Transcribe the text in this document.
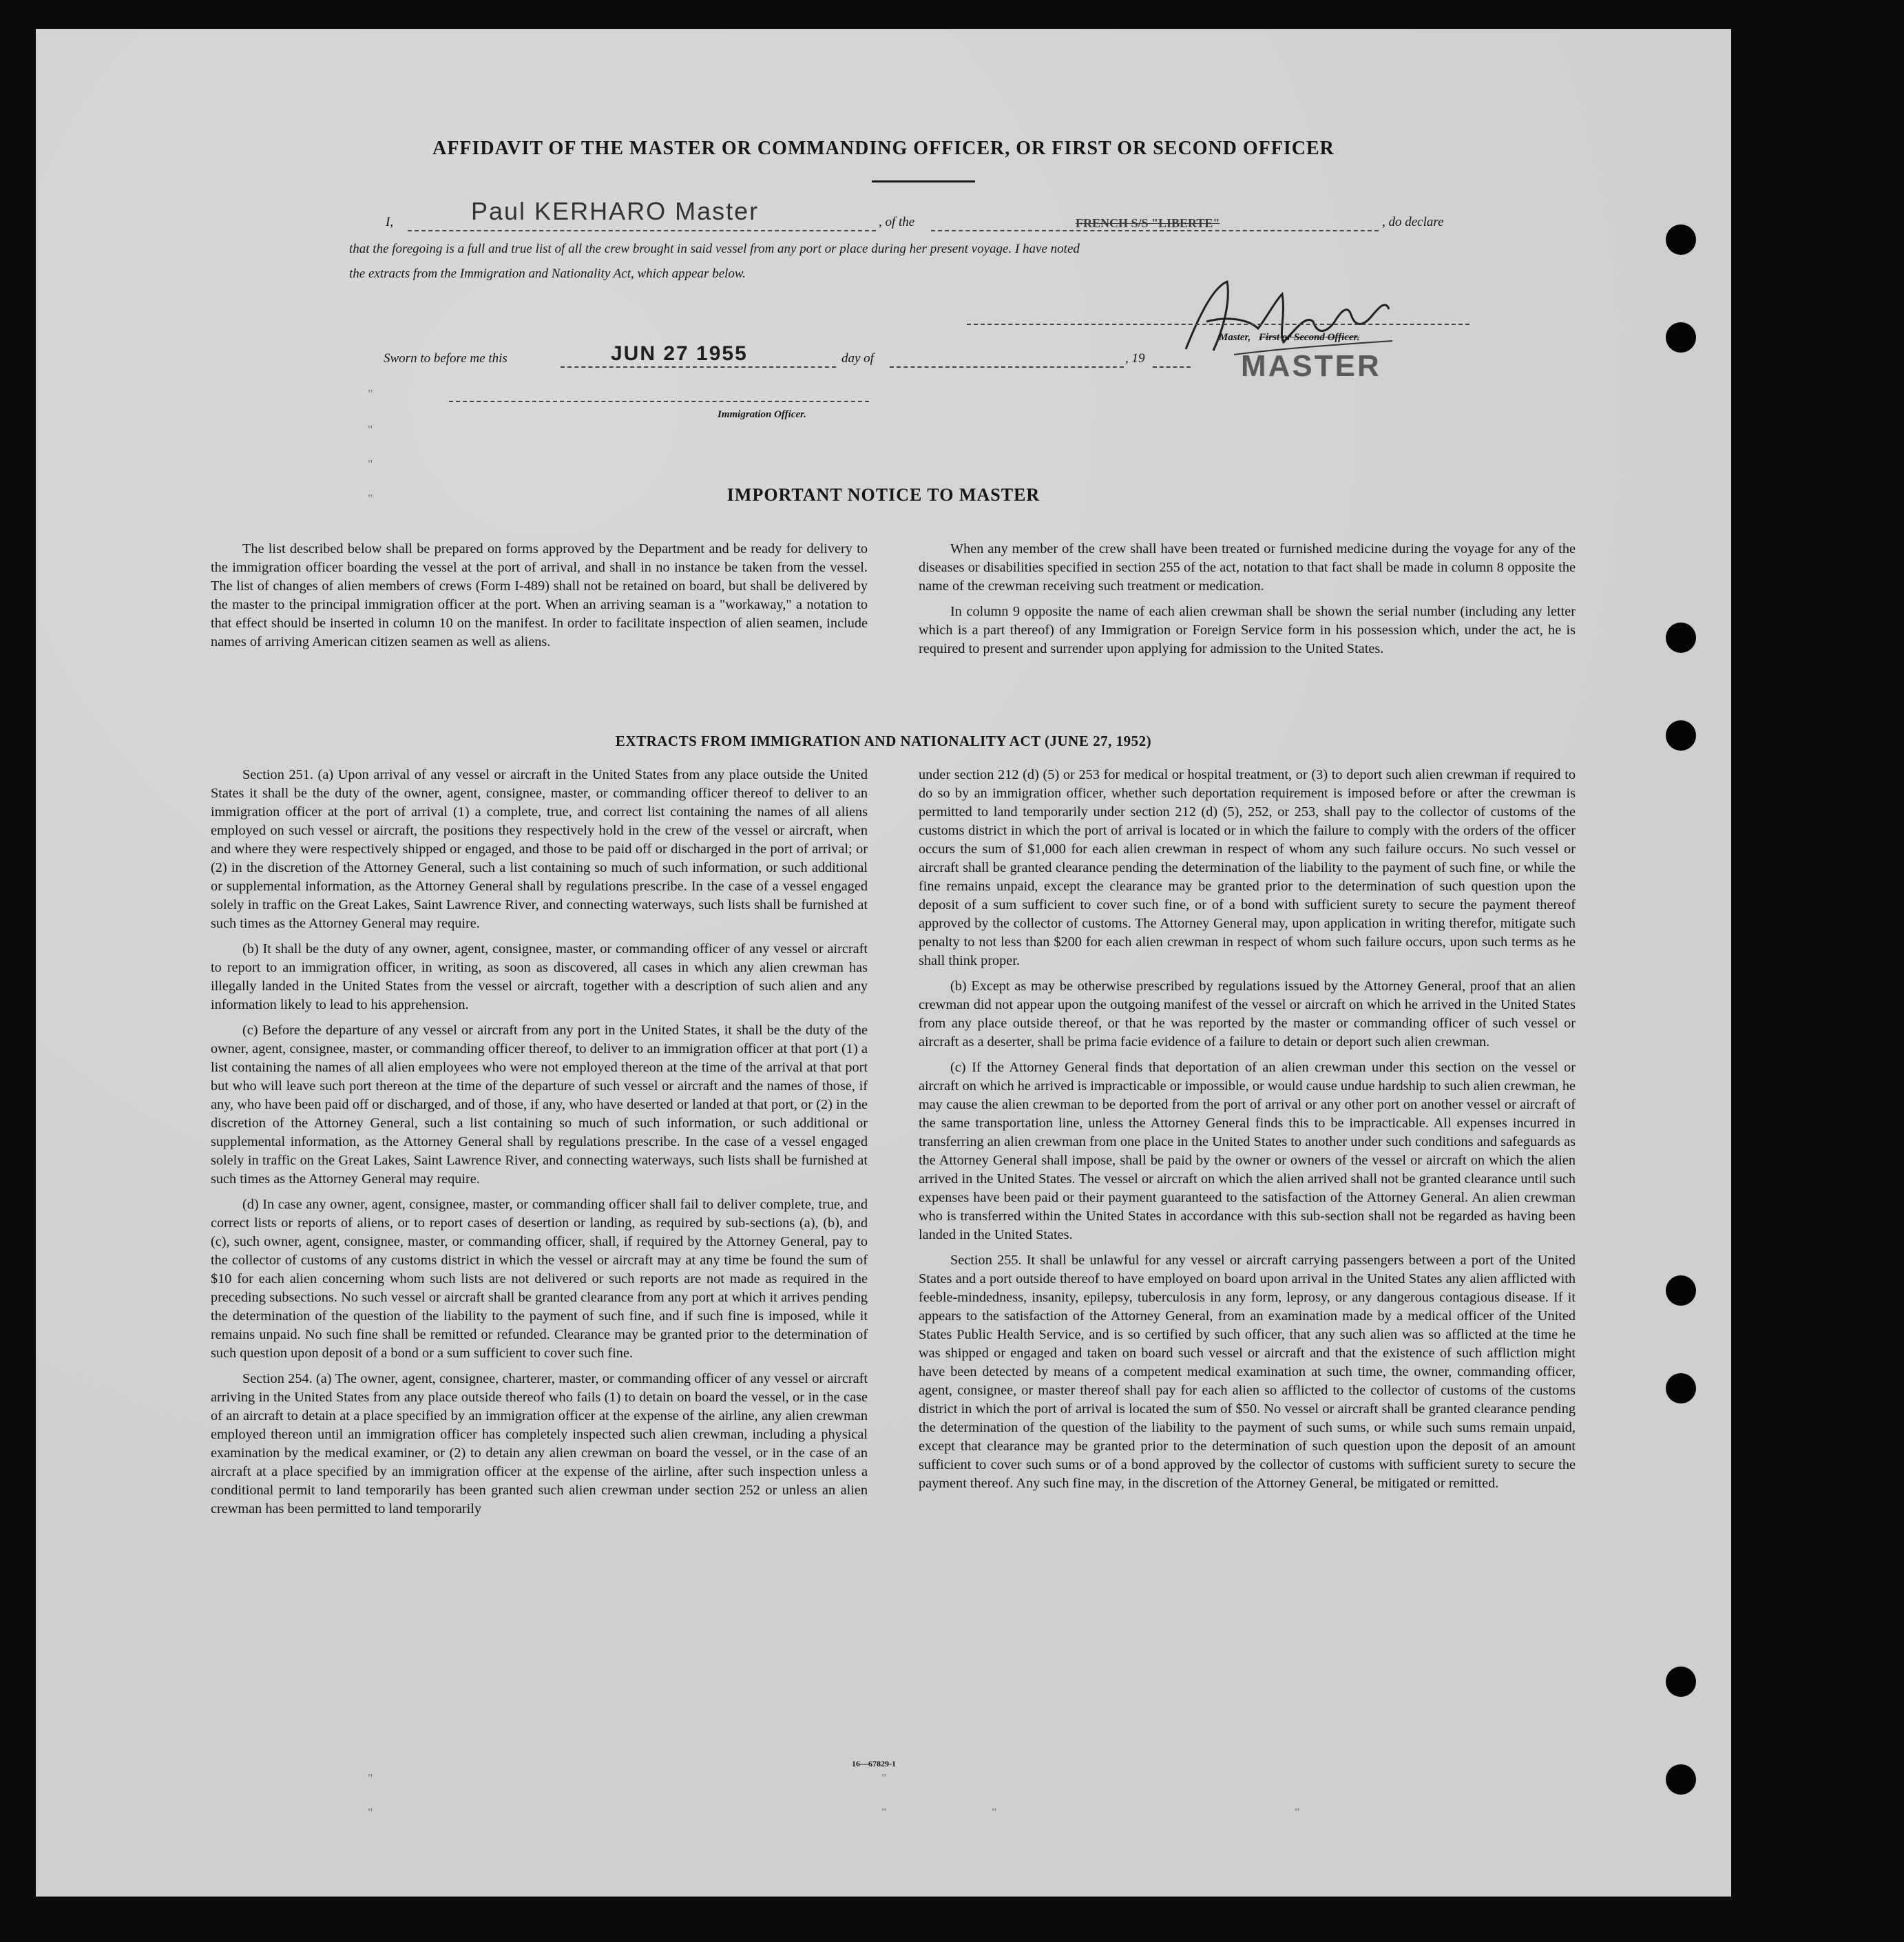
AFFIDAVIT OF THE MASTER OR COMMANDING OFFICER, OR FIRST OR SECOND OFFICER
I,	Paul KERHARO Master	, of the	FRENCH S/S "LIBERTE"	, do declare
that the foregoing is a full and true list of all the crew brought in said vessel from any port or place during her present voyage. I have noted
the extracts from the Immigration and Nationality Act, which appear below.
Master, First or Second Officer.
MASTER
Sworn to before me this	JUN 27 1955	day of	, 19
Immigration Officer.
IMPORTANT NOTICE TO MASTER

The list described below shall be prepared on forms approved by the Department and be ready for delivery to the immigration officer boarding the vessel at the port of arrival, and shall in no instance be taken from the vessel. The list of changes of alien members of crews (Form I-489) shall not be retained on board, but shall be delivered by the master to the principal immigration officer at the port. When an arriving seaman is a "workaway," a notation to that effect should be inserted in column 10 on the manifest. In order to facilitate inspection of alien seamen, include names of arriving American citizen seamen as well as aliens.

When any member of the crew shall have been treated or furnished medicine during the voyage for any of the diseases or disabilities specified in section 255 of the act, notation to that fact shall be made in column 8 opposite the name of the crewman receiving such treatment or medication.

In column 9 opposite the name of each alien crewman shall be shown the serial number (including any letter which is a part thereof) of any Immigration or Foreign Service form in his possession which, under the act, he is required to present and surrender upon applying for admission to the United States.

EXTRACTS FROM IMMIGRATION AND NATIONALITY ACT (JUNE 27, 1952)

Section 251. (a) Upon arrival of any vessel or aircraft in the United States from any place outside the United States it shall be the duty of the owner, agent, consignee, master, or commanding officer thereof to deliver to an immigration officer at the port of arrival (1) a complete, true, and correct list containing the names of all aliens employed on such vessel or aircraft, the positions they respectively hold in the crew of the vessel or aircraft, when and where they were respectively shipped or engaged, and those to be paid off or discharged in the port of arrival; or (2) in the discretion of the Attorney General, such a list containing so much of such information, or such additional or supplemental information, as the Attorney General shall by regulations prescribe. In the case of a vessel engaged solely in traffic on the Great Lakes, Saint Lawrence River, and connecting waterways, such lists shall be furnished at such times as the Attorney General may require.

(b) It shall be the duty of any owner, agent, consignee, master, or commanding officer of any vessel or aircraft to report to an immigration officer, in writing, as soon as discovered, all cases in which any alien crewman has illegally landed in the United States from the vessel or aircraft, together with a description of such alien and any information likely to lead to his apprehension.

(c) Before the departure of any vessel or aircraft from any port in the United States, it shall be the duty of the owner, agent, consignee, master, or commanding officer thereof, to deliver to an immigration officer at that port (1) a list containing the names of all alien employees who were not employed thereon at the time of the arrival at that port but who will leave such port thereon at the time of the departure of such vessel or aircraft and the names of those, if any, who have been paid off or discharged, and of those, if any, who have deserted or landed at that port, or (2) in the discretion of the Attorney General, such a list containing so much of such information, or such additional or supplemental information, as the Attorney General shall by regulations prescribe. In the case of a vessel engaged solely in traffic on the Great Lakes, Saint Lawrence River, and connecting waterways, such lists shall be furnished at such times as the Attorney General may require.

(d) In case any owner, agent, consignee, master, or commanding officer shall fail to deliver complete, true, and correct lists or reports of aliens, or to report cases of desertion or landing, as required by sub-sections (a), (b), and (c), such owner, agent, consignee, master, or commanding officer, shall, if required by the Attorney General, pay to the collector of customs of any customs district in which the vessel or aircraft may at any time be found the sum of $10 for each alien concerning whom such lists are not delivered or such reports are not made as required in the preceding subsections. No such vessel or aircraft shall be granted clearance from any port at which it arrives pending the determination of the question of the liability to the payment of such fine, and if such fine is imposed, while it remains unpaid. No such fine shall be remitted or refunded. Clearance may be granted prior to the determination of such question upon deposit of a bond or a sum sufficient to cover such fine.

Section 254. (a) The owner, agent, consignee, charterer, master, or commanding officer of any vessel or aircraft arriving in the United States from any place outside thereof who fails (1) to detain on board the vessel, or in the case of an aircraft to detain at a place specified by an immigration officer at the expense of the airline, any alien crewman employed thereon until an immigration officer has completely inspected such alien crewman, including a physical examination by the medical examiner, or (2) to detain any alien crewman on board the vessel, or in the case of an aircraft at a place specified by an immigration officer at the expense of the airline, after such inspection unless a conditional permit to land temporarily has been granted such alien crewman under section 252 or unless an alien crewman has been permitted to land temporarily

under section 212 (d) (5) or 253 for medical or hospital treatment, or (3) to deport such alien crewman if required to do so by an immigration officer, whether such deportation requirement is imposed before or after the crewman is permitted to land temporarily under section 212 (d) (5), 252, or 253, shall pay to the collector of customs of the customs district in which the port of arrival is located or in which the failure to comply with the orders of the officer occurs the sum of $1,000 for each alien crewman in respect of whom any such failure occurs. No such vessel or aircraft shall be granted clearance pending the determination of the liability to the payment of such fine, or while the fine remains unpaid, except the clearance may be granted prior to the determination of such question upon the deposit of a sum sufficient to cover such fine, or of a bond with sufficient surety to secure the payment thereof approved by the collector of customs. The Attorney General may, upon application in writing therefor, mitigate such penalty to not less than $200 for each alien crewman in respect of whom such failure occurs, upon such terms as he shall think proper.

(b) Except as may be otherwise prescribed by regulations issued by the Attorney General, proof that an alien crewman did not appear upon the outgoing manifest of the vessel or aircraft on which he arrived in the United States from any place outside thereof, or that he was reported by the master or commanding officer of such vessel or aircraft as a deserter, shall be prima facie evidence of a failure to detain or deport such alien crewman.

(c) If the Attorney General finds that deportation of an alien crewman under this section on the vessel or aircraft on which he arrived is impracticable or impossible, or would cause undue hardship to such alien crewman, he may cause the alien crewman to be deported from the port of arrival or any other port on another vessel or aircraft of the same transportation line, unless the Attorney General finds this to be impracticable. All expenses incurred in transferring an alien crewman from one place in the United States to another under such conditions and safeguards as the Attorney General shall impose, shall be paid by the owner or owners of the vessel or aircraft on which the alien arrived in the United States. The vessel or aircraft on which the alien arrived shall not be granted clearance until such expenses have been paid or their payment guaranteed to the satisfaction of the Attorney General. An alien crewman who is transferred within the United States in accordance with this sub-section shall not be regarded as having been landed in the United States.

Section 255. It shall be unlawful for any vessel or aircraft carrying passengers between a port of the United States and a port outside thereof to have employed on board upon arrival in the United States any alien afflicted with feeble-mindedness, insanity, epilepsy, tuberculosis in any form, leprosy, or any dangerous contagious disease. If it appears to the satisfaction of the Attorney General, from an examination made by a medical officer of the United States Public Health Service, and is so certified by such officer, that any such alien was so afflicted at the time he was shipped or engaged and taken on board such vessel or aircraft and that the existence of such affliction might have been detected by means of a competent medical examination at such time, the owner, commanding officer, agent, consignee, or master thereof shall pay for each alien so afflicted to the collector of customs of the customs district in which the port of arrival is located the sum of $50. No vessel or aircraft shall be granted clearance pending the determination of the question of the liability to the payment of such sums, or while such sums remain unpaid, except that clearance may be granted prior to the determination of such question upon the deposit of an amount sufficient to cover such sums or of a bond approved by the collector of customs with sufficient surety to secure the payment thereof. Any such fine may, in the discretion of the Attorney General, be mitigated or remitted.

16—67829-1
"
"
"
"
"
"
"
"	"	"
